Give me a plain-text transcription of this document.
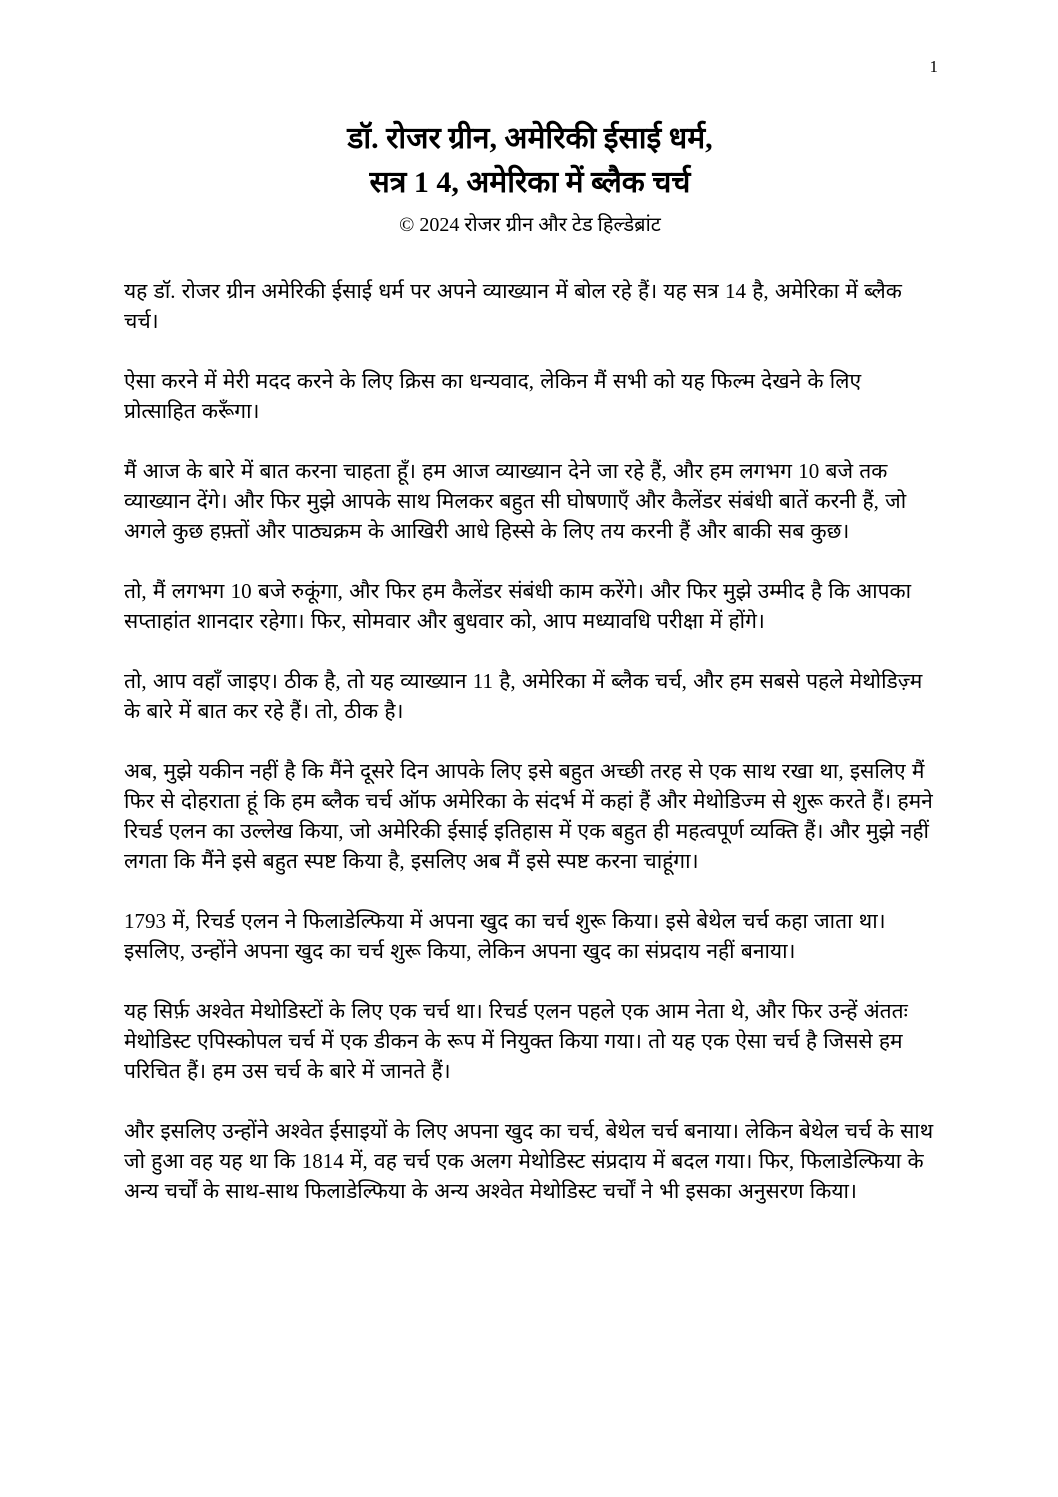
1
डॉ. रोजर ग्रीन, अमेरिकी ईसाई धर्म,
सत्र 1 4, अमेरिका में ब्लैक चर्च
© 2024 रोजर ग्रीन और टेड हिल्डेब्रांट

यह डॉ. रोजर ग्रीन अमेरिकी ईसाई धर्म पर अपने व्याख्यान में बोल रहे हैं। यह सत्र 14 है, अमेरिका में ब्लैक चर्च।

ऐसा करने में मेरी मदद करने के लिए क्रिस का धन्यवाद, लेकिन मैं सभी को यह फिल्म देखने के लिए प्रोत्साहित करूँगा।

मैं आज के बारे में बात करना चाहता हूँ। हम आज व्याख्यान देने जा रहे हैं, और हम लगभग 10 बजे तक व्याख्यान देंगे। और फिर मुझे आपके साथ मिलकर बहुत सी घोषणाएँ और कैलेंडर संबंधी बातें करनी हैं, जो अगले कुछ हफ़्तों और पाठ्यक्रम के आखिरी आधे हिस्से के लिए तय करनी हैं और बाकी सब कुछ।

तो, मैं लगभग 10 बजे रुकूंगा, और फिर हम कैलेंडर संबंधी काम करेंगे। और फिर मुझे उम्मीद है कि आपका सप्ताहांत शानदार रहेगा। फिर, सोमवार और बुधवार को, आप मध्यावधि परीक्षा में होंगे।

तो, आप वहाँ जाइए। ठीक है, तो यह व्याख्यान 11 है, अमेरिका में ब्लैक चर्च, और हम सबसे पहले मेथोडिज़्म के बारे में बात कर रहे हैं। तो, ठीक है।

अब, मुझे यकीन नहीं है कि मैंने दूसरे दिन आपके लिए इसे बहुत अच्छी तरह से एक साथ रखा था, इसलिए मैं फिर से दोहराता हूं कि हम ब्लैक चर्च ऑफ अमेरिका के संदर्भ में कहां हैं और मेथोडिज्म से शुरू करते हैं। हमने रिचर्ड एलन का उल्लेख किया, जो अमेरिकी ईसाई इतिहास में एक बहुत ही महत्वपूर्ण व्यक्ति हैं। और मुझे नहीं लगता कि मैंने इसे बहुत स्पष्ट किया है, इसलिए अब मैं इसे स्पष्ट करना चाहूंगा।

1793 में, रिचर्ड एलन ने फिलाडेल्फिया में अपना खुद का चर्च शुरू किया। इसे बेथेल चर्च कहा जाता था। इसलिए, उन्होंने अपना खुद का चर्च शुरू किया, लेकिन अपना खुद का संप्रदाय नहीं बनाया।

यह सिर्फ़ अश्वेत मेथोडिस्टों के लिए एक चर्च था। रिचर्ड एलन पहले एक आम नेता थे, और फिर उन्हें अंततः मेथोडिस्ट एपिस्कोपल चर्च में एक डीकन के रूप में नियुक्त किया गया। तो यह एक ऐसा चर्च है जिससे हम परिचित हैं। हम उस चर्च के बारे में जानते हैं।

और इसलिए उन्होंने अश्वेत ईसाइयों के लिए अपना खुद का चर्च, बेथेल चर्च बनाया। लेकिन बेथेल चर्च के साथ जो हुआ वह यह था कि 1814 में, वह चर्च एक अलग मेथोडिस्ट संप्रदाय में बदल गया। फिर, फिलाडेल्फिया के अन्य चर्चों के साथ-साथ फिलाडेल्फिया के अन्य अश्वेत मेथोडिस्ट चर्चों ने भी इसका अनुसरण किया।
